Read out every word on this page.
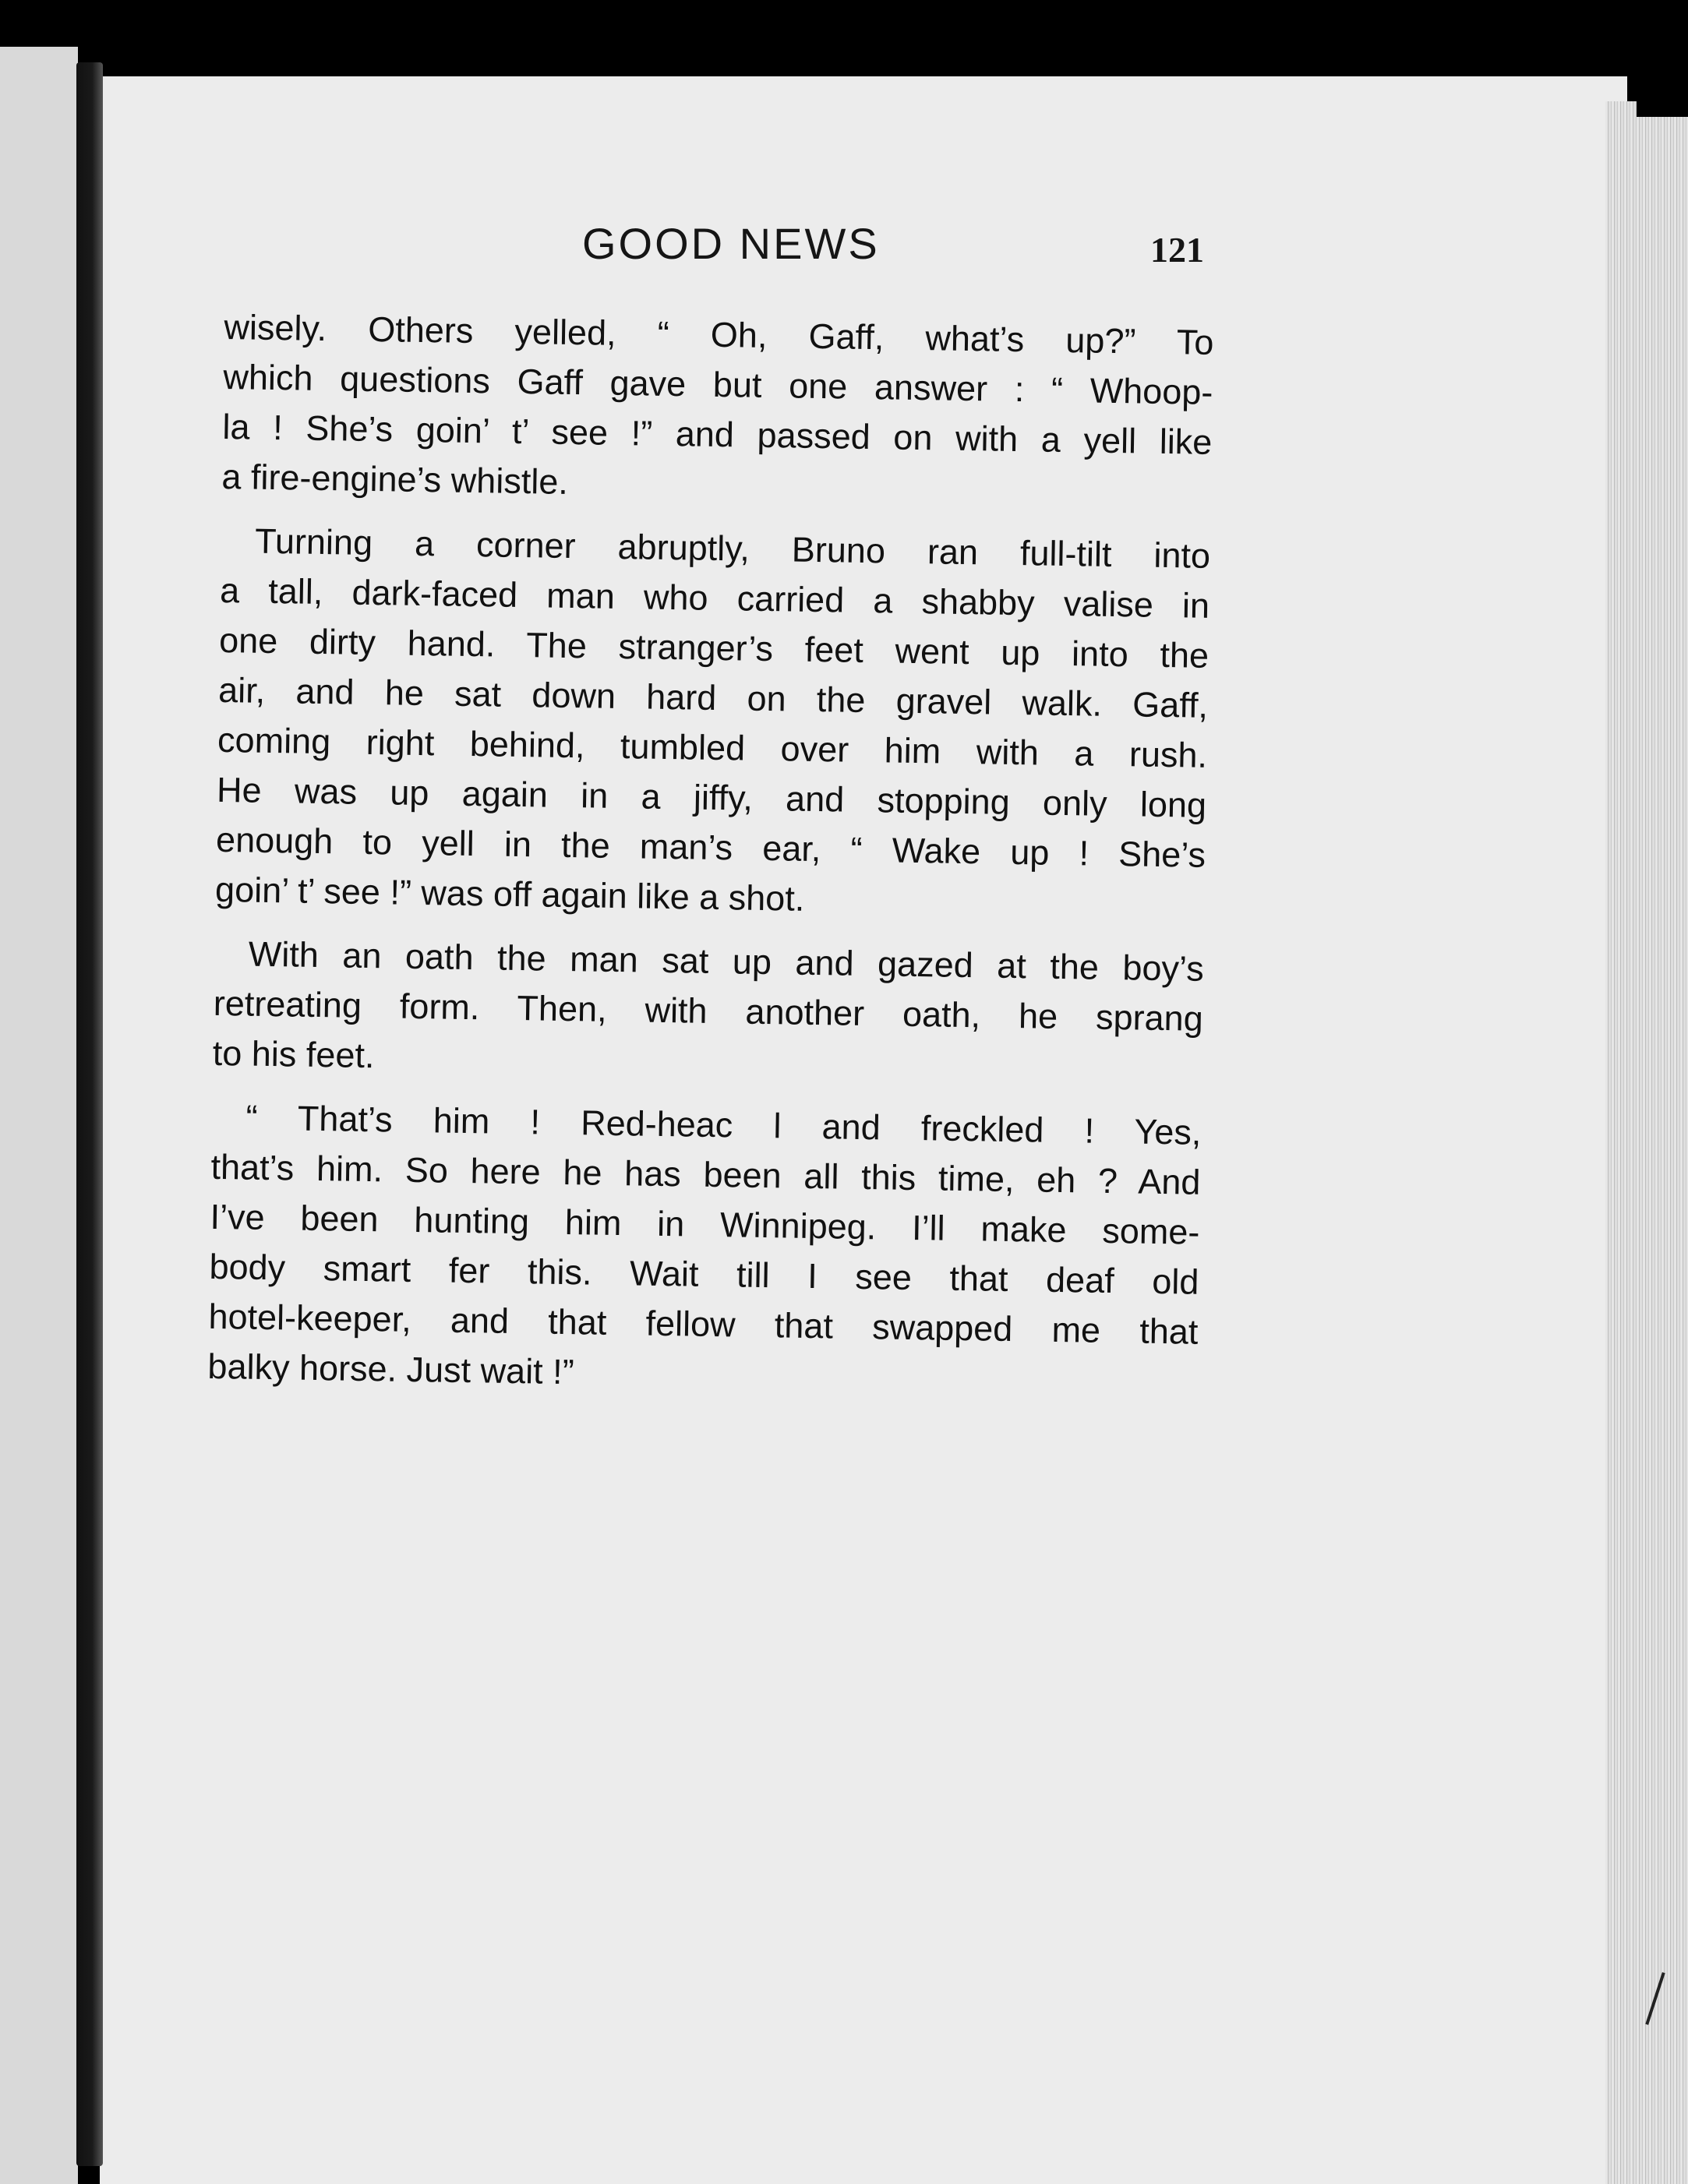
GOOD NEWS	121
wisely. Others yelled, “ Oh, Gaff, what’s up?” To
which questions Gaff gave but one answer : “ Whoop-
la ! She’s goin’ t’ see !” and passed on with a yell like
a fire-engine’s whistle.
Turning a corner abruptly, Bruno ran full-tilt into
a tall, dark-faced man who carried a shabby valise in
one dirty hand. The stranger’s feet went up into the
air, and he sat down hard on the gravel walk. Gaff,
coming right behind, tumbled over him with a rush.
He was up again in a jiffy, and stopping only long
enough to yell in the man’s ear, “ Wake up ! She’s
goin’ t’ see !” was off again like a shot.
With an oath the man sat up and gazed at the boy’s
retreating form. Then, with another oath, he sprang
to his feet.
“ That’s him ! Red-heac l and freckled ! Yes,
that’s him. So here he has been all this time, eh ? And
I’ve been hunting him in Winnipeg. I’ll make some-
body smart fer this. Wait till I see that deaf old
hotel-keeper, and that fellow that swapped me that
balky horse. Just wait !”
